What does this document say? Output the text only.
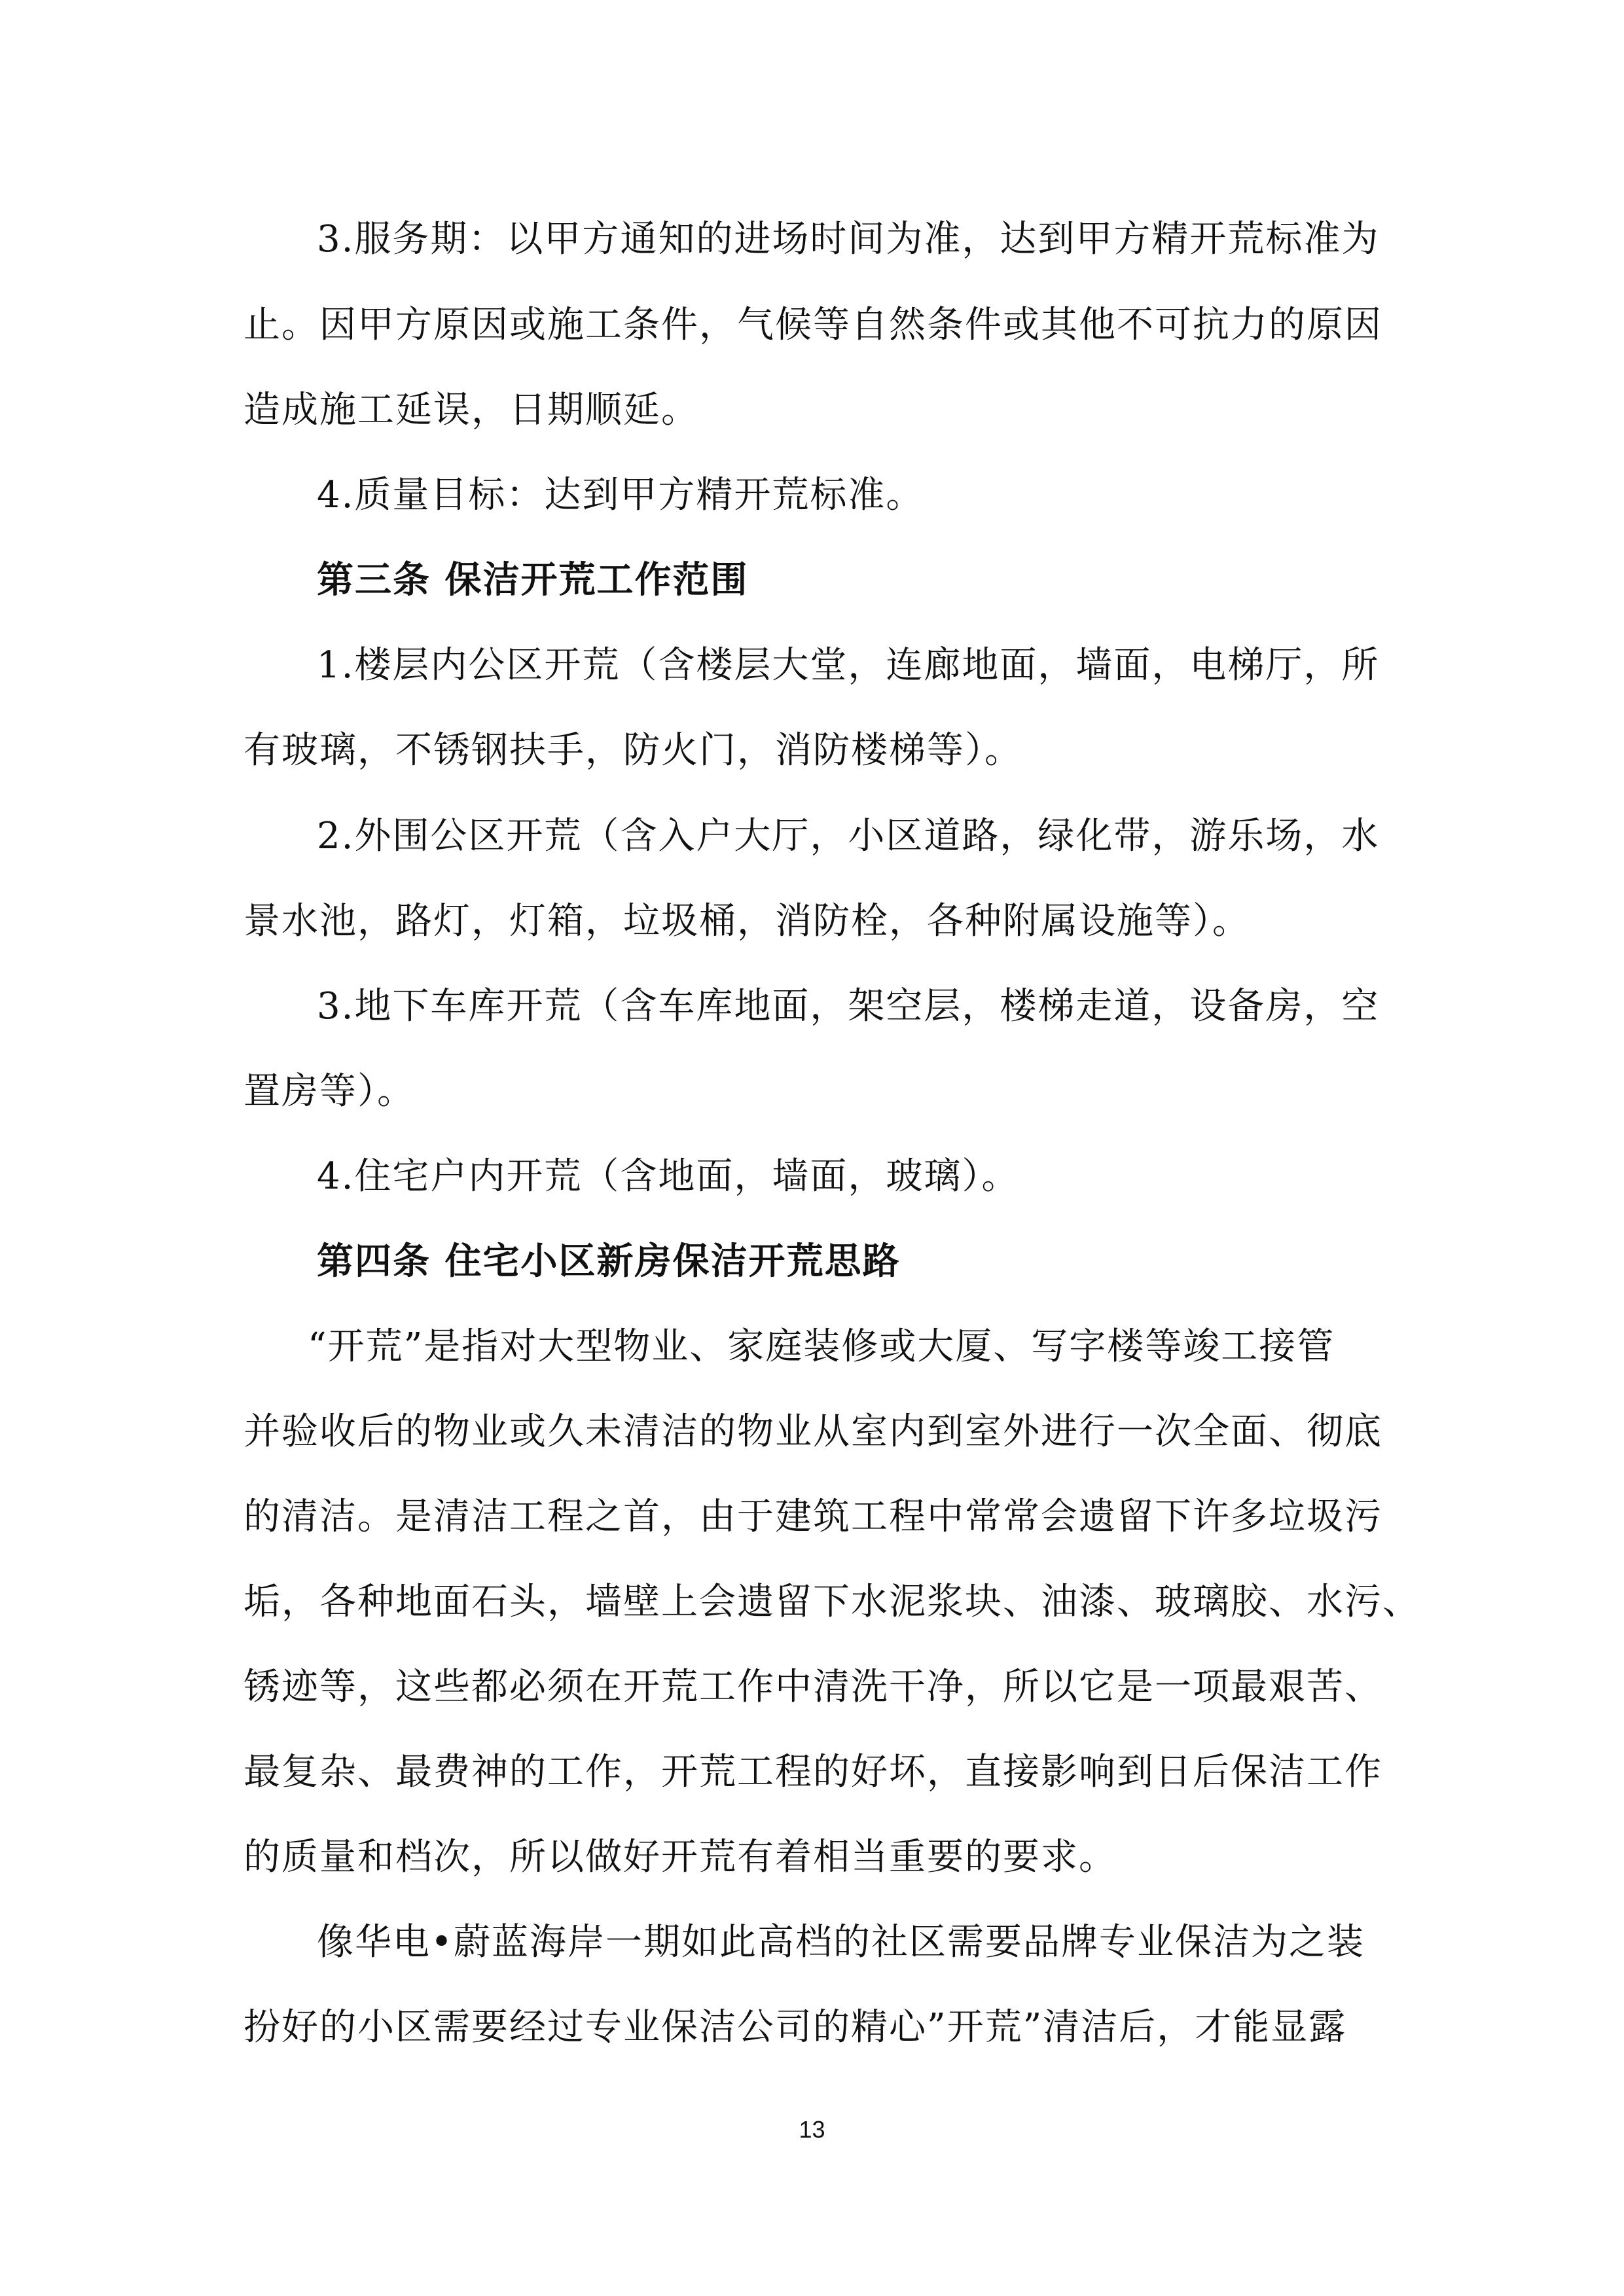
3.服务期：以甲方通知的进场时间为准，达到甲方精开荒标准为
止。因甲方原因或施工条件，气候等自然条件或其他不可抗力的原因
造成施工延误，日期顺延。
4.质量目标：达到甲方精开荒标准。
第三条 保洁开荒工作范围
1.楼层内公区开荒（含楼层大堂，连廊地面，墙面，电梯厅，所
有玻璃，不锈钢扶手，防火门，消防楼梯等）。
2.外围公区开荒（含入户大厅，小区道路，绿化带，游乐场，水
景水池，路灯，灯箱，垃圾桶，消防栓，各种附属设施等）。
3.地下车库开荒（含车库地面，架空层，楼梯走道，设备房，空
置房等）。
4.住宅户内开荒（含地面，墙面，玻璃）。
第四条 住宅小区新房保洁开荒思路
“开荒”是指对大型物业、家庭装修或大厦、写字楼等竣工接管
并验收后的物业或久未清洁的物业从室内到室外进行一次全面、彻底
的清洁。是清洁工程之首，由于建筑工程中常常会遗留下许多垃圾污
垢，各种地面石头，墙壁上会遗留下水泥浆块、油漆、玻璃胶、水污、
锈迹等，这些都必须在开荒工作中清洗干净，所以它是一项最艰苦、
最复杂、最费神的工作，开荒工程的好坏，直接影响到日后保洁工作
的质量和档次，所以做好开荒有着相当重要的要求。
像华电•蔚蓝海岸一期如此高档的社区需要品牌专业保洁为之装
扮好的小区需要经过专业保洁公司的精心”开荒”清洁后，才能显露
13
